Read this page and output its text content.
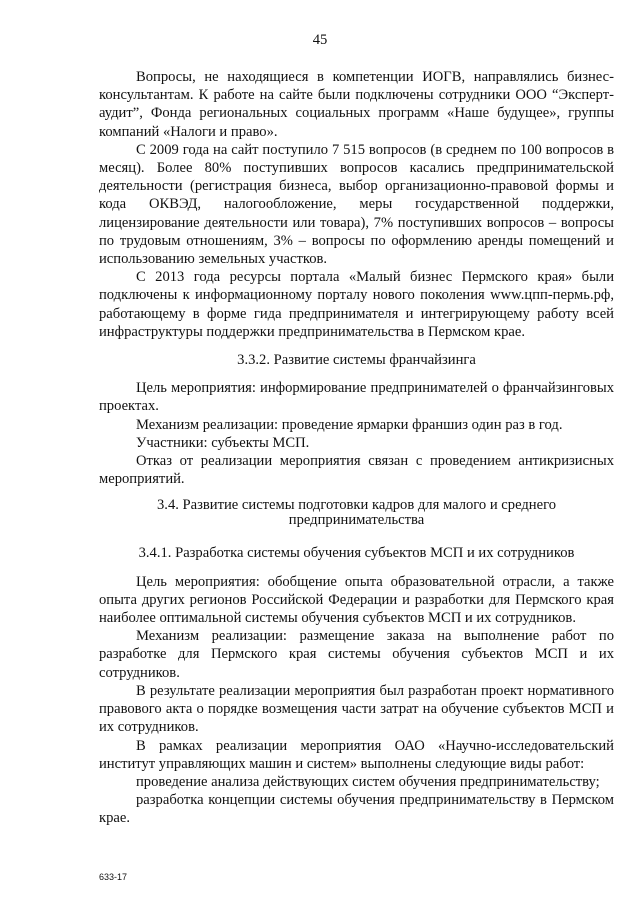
45

Вопросы, не находящиеся в компетенции ИОГВ, направлялись бизнес-консультантам. К работе на сайте были подключены сотрудники ООО “Эксперт-аудит”, Фонда региональных социальных программ «Наше будущее», группы компаний «Налоги и право».

С 2009 года на сайт поступило 7 515 вопросов (в среднем по 100 вопросов в месяц). Более 80% поступивших вопросов касались предпринимательской деятельности (регистрация бизнеса, выбор организационно-правовой формы и кода ОКВЭД, налогообложение, меры государственной поддержки, лицензирование деятельности или товара), 7% поступивших вопросов – вопросы по трудовым отношениям, 3% – вопросы по оформлению аренды помещений и использованию земельных участков.

С 2013 года ресурсы портала «Малый бизнес Пермского края» были подключены к информационному порталу нового поколения www.цпп-пермь.рф, работающему в форме гида предпринимателя и интегрирующему работу всей инфраструктуры поддержки предпринимательства в Пермском крае.

3.3.2. Развитие системы франчайзинга

Цель мероприятия: информирование предпринимателей о франчайзинговых проектах.

Механизм реализации: проведение ярмарки франшиз один раз в год.

Участники: субъекты МСП.

Отказ от реализации мероприятия связан с проведением антикризисных мероприятий.

3.4. Развитие системы подготовки кадров для малого и среднего предпринимательства

3.4.1. Разработка системы обучения субъектов МСП и их сотрудников

Цель мероприятия: обобщение опыта образовательной отрасли, а также опыта других регионов Российской Федерации и разработки для Пермского края наиболее оптимальной системы обучения субъектов МСП и их сотрудников.

Механизм реализации: размещение заказа на выполнение работ по разработке для Пермского края системы обучения субъектов МСП и их сотрудников.

В результате реализации мероприятия был разработан проект нормативного правового акта о порядке возмещения части затрат на обучение субъектов МСП и их сотрудников.

В рамках реализации мероприятия ОАО «Научно-исследовательский институт управляющих машин и систем» выполнены следующие виды работ:

проведение анализа действующих систем обучения предпринимательству;

разработка концепции системы обучения предпринимательству в Пермском крае.

633-17
